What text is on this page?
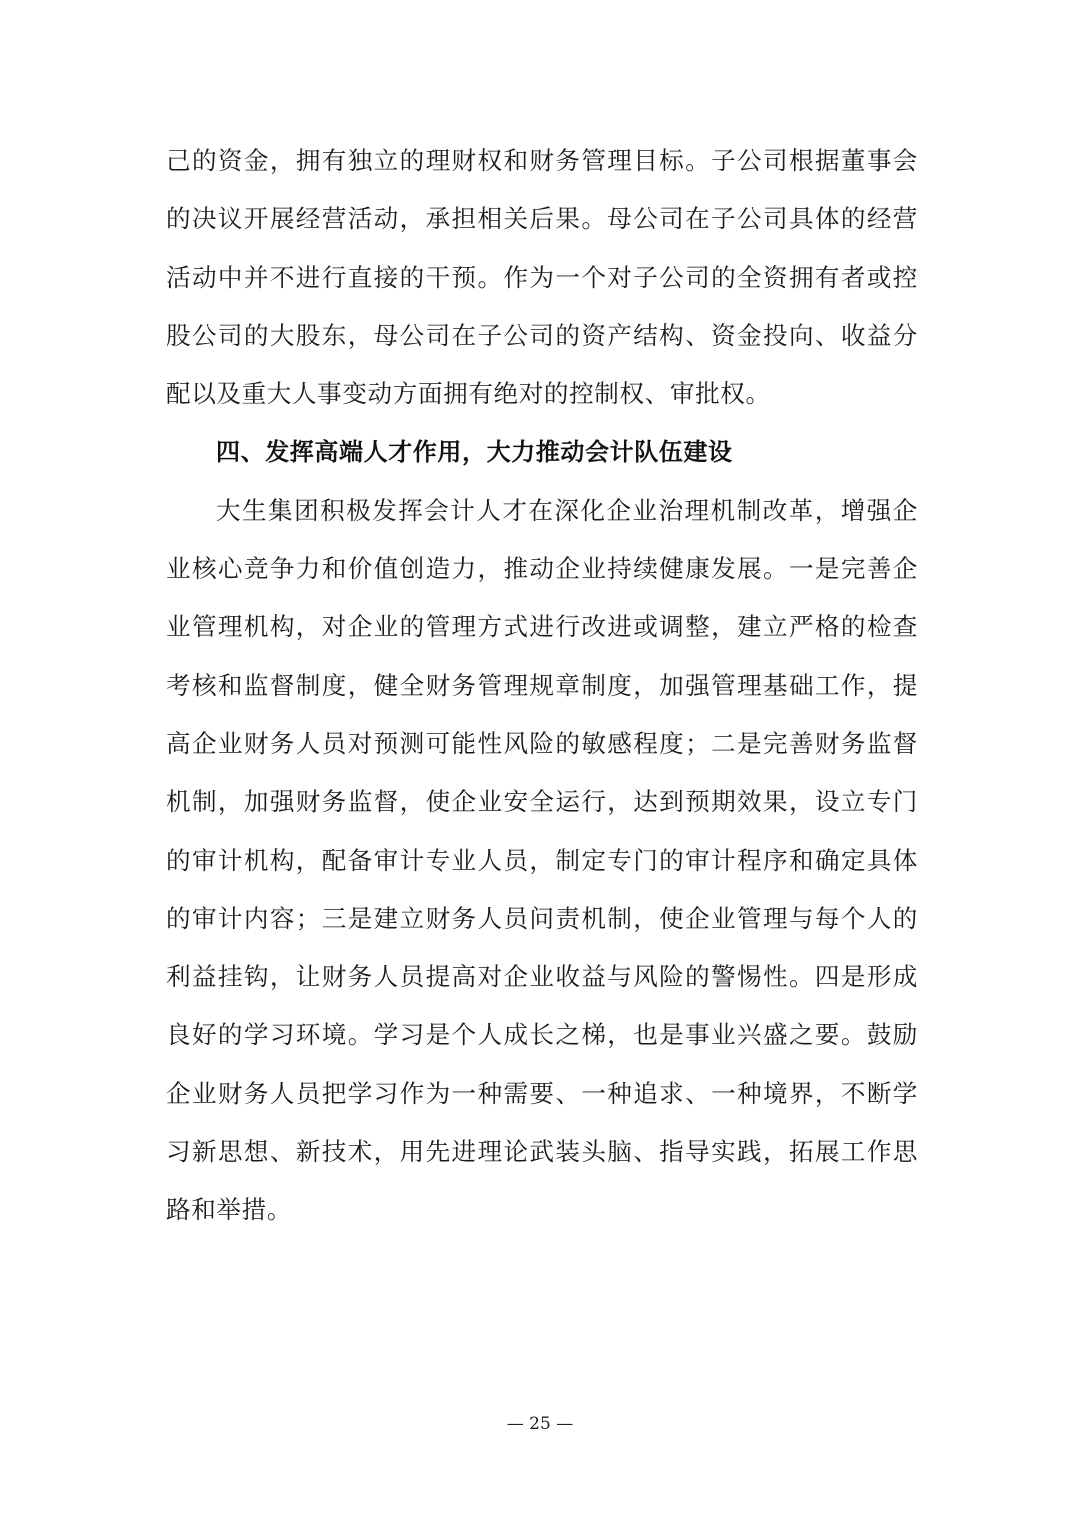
己的资金，拥有独立的理财权和财务管理目标。子公司根据董事会的决议开展经营活动，承担相关后果。母公司在子公司具体的经营活动中并不进行直接的干预。作为一个对子公司的全资拥有者或控股公司的大股东，母公司在子公司的资产结构、资金投向、收益分配以及重大人事变动方面拥有绝对的控制权、审批权。

四、发挥高端人才作用，大力推动会计队伍建设

大生集团积极发挥会计人才在深化企业治理机制改革，增强企业核心竞争力和价值创造力，推动企业持续健康发展。一是完善企业管理机构，对企业的管理方式进行改进或调整，建立严格的检查考核和监督制度，健全财务管理规章制度，加强管理基础工作，提高企业财务人员对预测可能性风险的敏感程度；二是完善财务监督机制，加强财务监督，使企业安全运行，达到预期效果，设立专门的审计机构，配备审计专业人员，制定专门的审计程序和确定具体的审计内容；三是建立财务人员问责机制，使企业管理与每个人的利益挂钩，让财务人员提高对企业收益与风险的警惕性。四是形成良好的学习环境。学习是个人成长之梯，也是事业兴盛之要。鼓励企业财务人员把学习作为一种需要、一种追求、一种境界，不断学习新思想、新技术，用先进理论武装头脑、指导实践，拓展工作思路和举措。

— 25 —
